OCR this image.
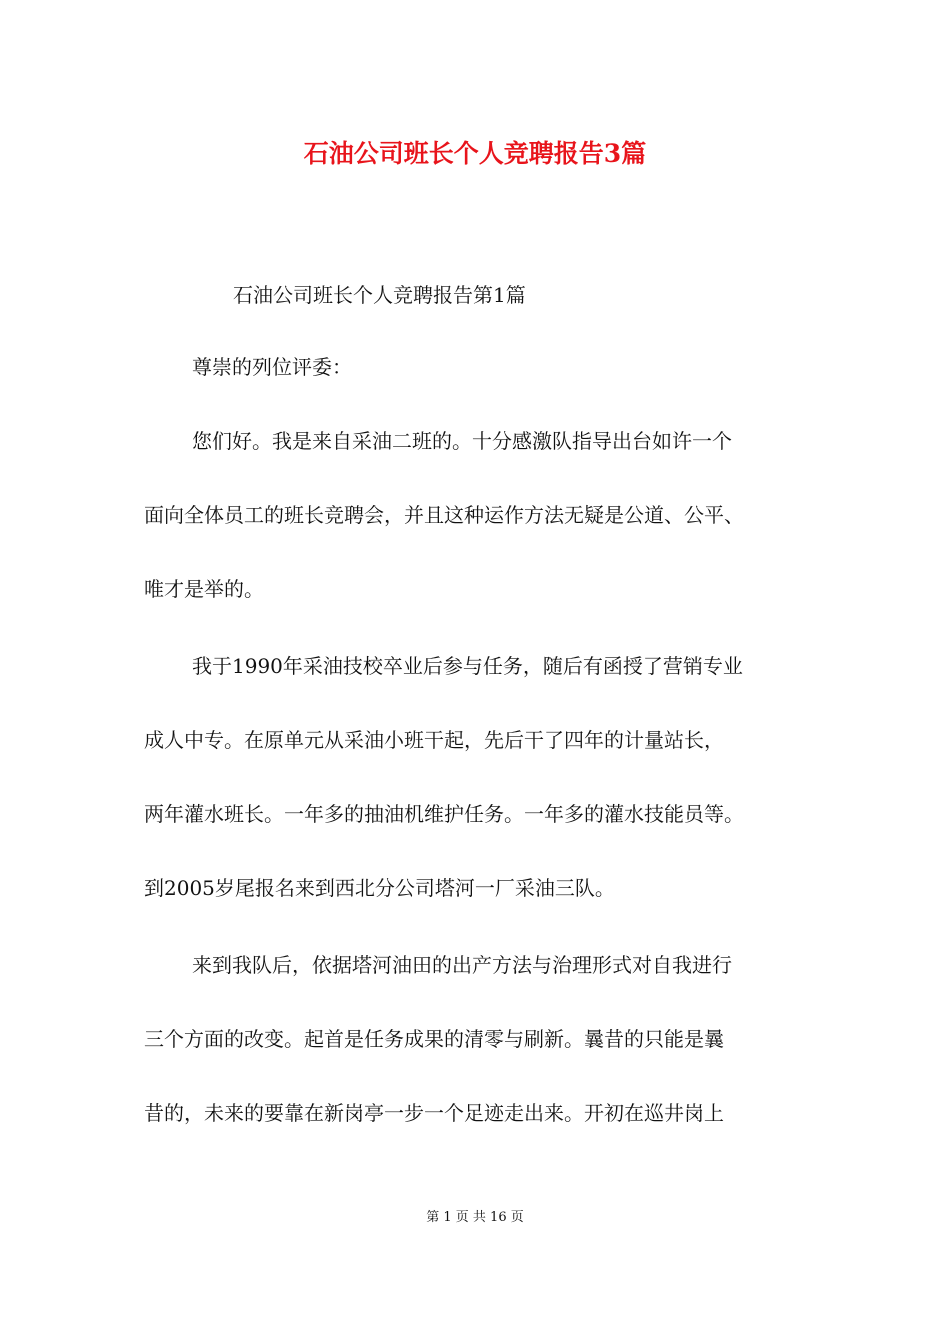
石油公司班长个人竞聘报告3篇

石油公司班长个人竞聘报告第1篇

尊崇的列位评委：

您们好。我是来自采油二班的。十分感激队指导出台如许一个

面向全体员工的班长竞聘会，并且这种运作方法无疑是公道、公平、

唯才是举的。

我于1990年采油技校卒业后参与任务，随后有函授了营销专业

成人中专。在原单元从采油小班干起，先后干了四年的计量站长，

两年灌水班长。一年多的抽油机维护任务。一年多的灌水技能员等。

到2005岁尾报名来到西北分公司塔河一厂采油三队。

来到我队后，依据塔河油田的出产方法与治理形式对自我进行

三个方面的改变。起首是任务成果的清零与刷新。曩昔的只能是曩

昔的，未来的要靠在新岗亭一步一个足迹走出来。开初在巡井岗上

第 1 页 共 16 页
